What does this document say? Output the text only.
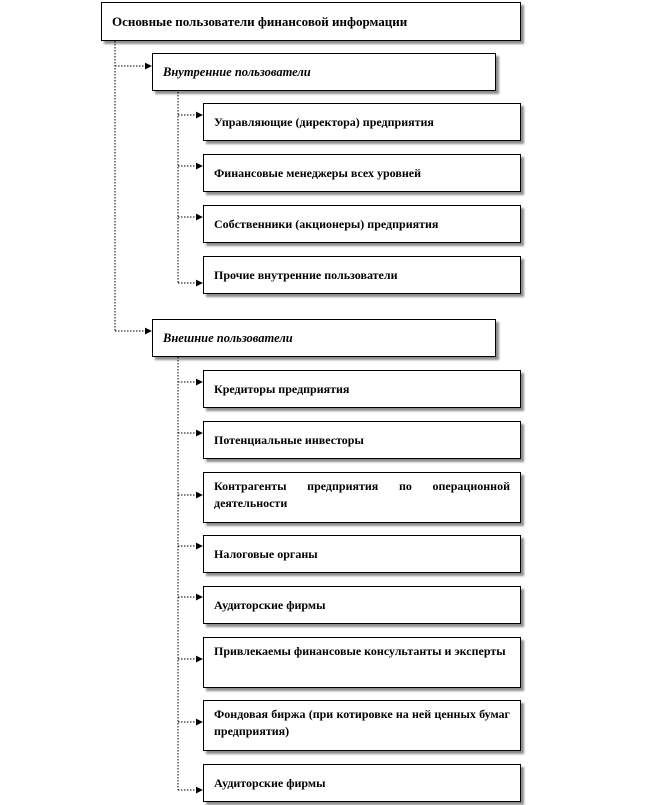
Основные пользователи финансовой информации
Внутренние пользователи
Управляющие (директора) предприятия
Финансовые менеджеры всех уровней
Собственники (акционеры) предприятия
Прочие внутренние пользователи
Внешние пользователи
Кредиторы предприятия
Потенциальные инвесторы
Контрагенты предприятия по операционной деятельности
Налоговые органы
Аудиторские фирмы
Привлекаемы финансовые консультанты и эксперты
Фондовая биржа (при котировке на ней ценных бумаг предприятия)
Аудиторские фирмы
